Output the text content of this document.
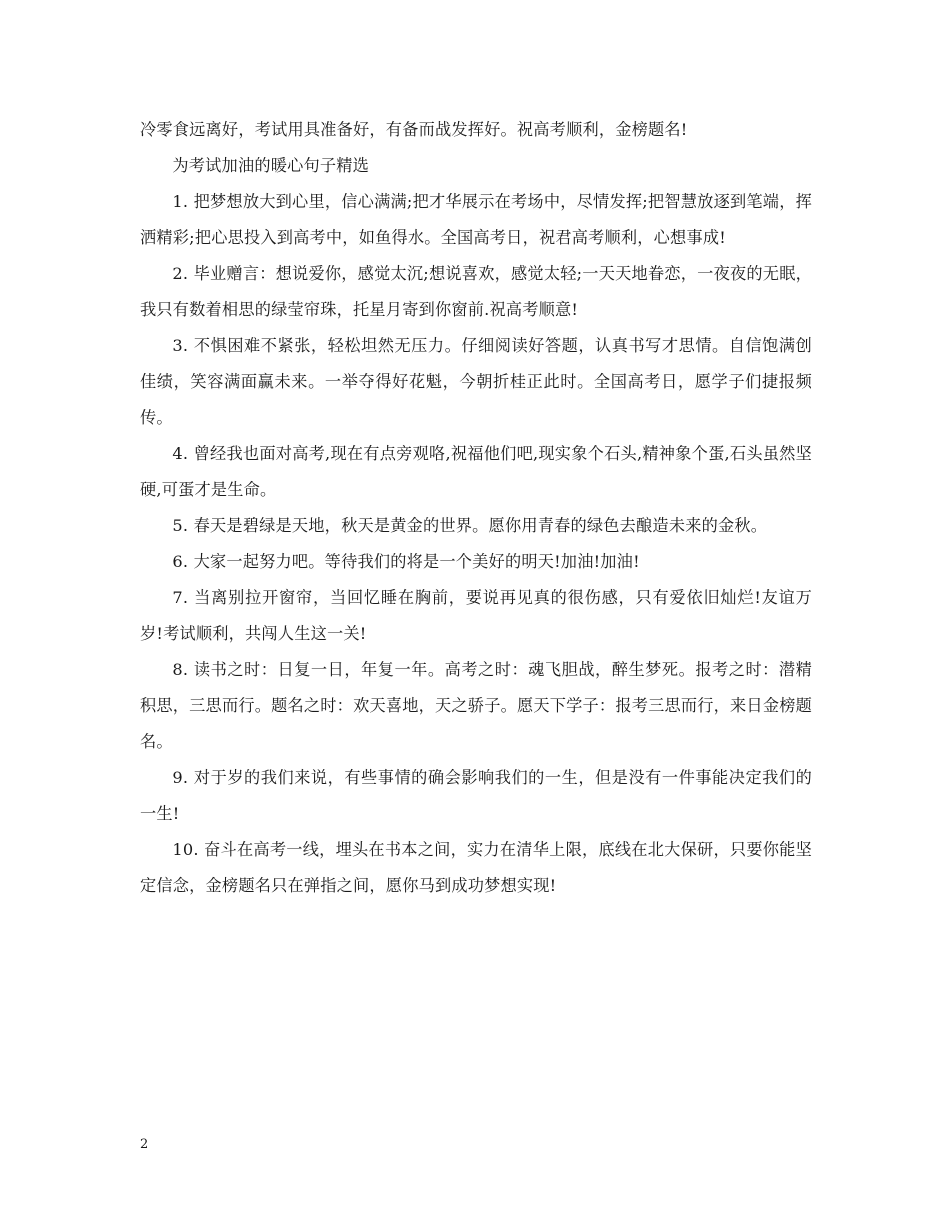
冷零食远离好，考试用具准备好，有备而战发挥好。祝高考顺利，金榜题名!

为考试加油的暖心句子精选

1. 把梦想放大到心里，信心满满;把才华展示在考场中，尽情发挥;把智慧放逐到笔端，挥洒精彩;把心思投入到高考中，如鱼得水。全国高考日，祝君高考顺利，心想事成!

2. 毕业赠言：想说爱你，感觉太沉;想说喜欢，感觉太轻;一天天地眷恋，一夜夜的无眠，我只有数着相思的绿莹帘珠，托星月寄到你窗前.祝高考顺意!

3. 不惧困难不紧张，轻松坦然无压力。仔细阅读好答题，认真书写才思情。自信饱满创佳绩，笑容满面赢未来。一举夺得好花魁，今朝折桂正此时。全国高考日，愿学子们捷报频传。

4. 曾经我也面对高考,现在有点旁观咯,祝福他们吧,现实象个石头,精神象个蛋,石头虽然坚硬,可蛋才是生命。

5. 春天是碧绿是天地，秋天是黄金的世界。愿你用青春的绿色去酿造未来的金秋。

6. 大家一起努力吧。等待我们的将是一个美好的明天!加油!加油!

7. 当离别拉开窗帘，当回忆睡在胸前，要说再见真的很伤感，只有爱依旧灿烂!友谊万岁!考试顺利，共闯人生这一关!

8. 读书之时：日复一日，年复一年。高考之时：魂飞胆战，醉生梦死。报考之时：潜精积思，三思而行。题名之时：欢天喜地，天之骄子。愿天下学子：报考三思而行，来日金榜题名。

9. 对于岁的我们来说，有些事情的确会影响我们的一生，但是没有一件事能决定我们的一生!

10. 奋斗在高考一线，埋头在书本之间，实力在清华上限，底线在北大保研，只要你能坚定信念，金榜题名只在弹指之间，愿你马到成功梦想实现!

2
